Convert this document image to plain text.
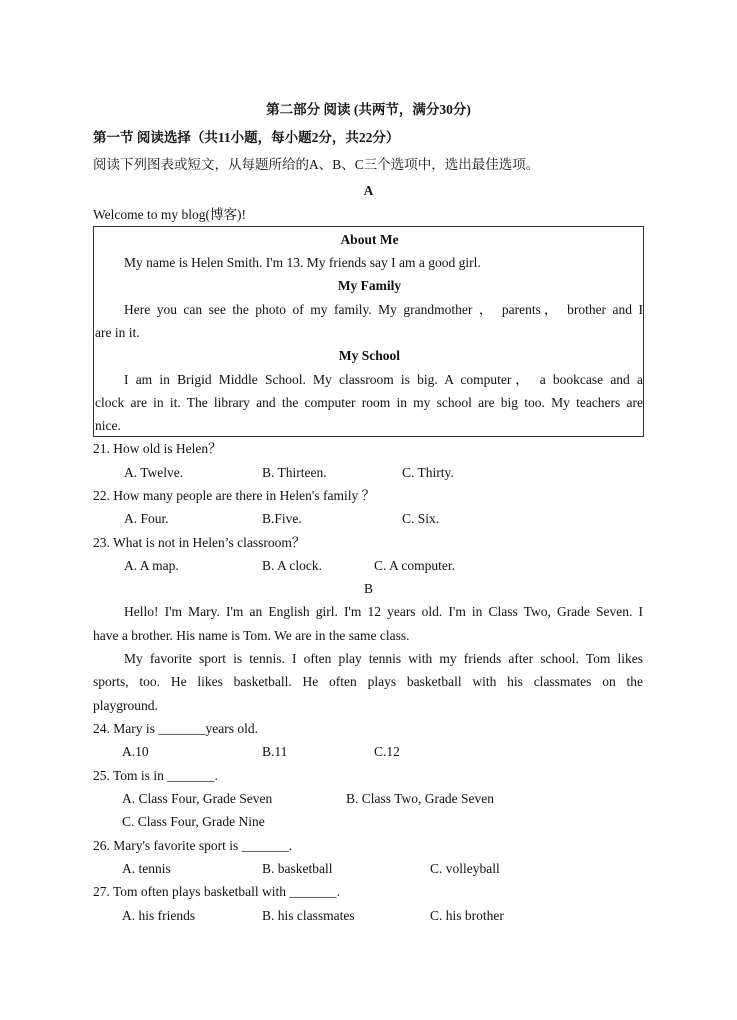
第二部分 阅读 (共两节，满分30分)
第一节 阅读选择（共11小题，每小题2分，共22分）
阅读下列图表或短文，从每题所给的A、B、C三个选项中，选出最佳选项。
A
Welcome to my blog(博客)!
About Me
My name is Helen Smith. I'm 13. My friends say I am a good girl.
My Family
Here you can see the photo of my family. My grandmother ， parents， brother and I
are in it.
My School
I am in Brigid Middle School. My classroom is big. A computer， a bookcase and a
clock are in it. The library and the computer room in my school are big too. My teachers are
nice.
21. How old is Helen？
A. Twelve.	B. Thirteen.	C. Thirty.
22. How many people are there in Helen's family ？
A. Four.	B.Five.	C. Six.
23. What is not in Helen’s classroom？
A. A map.	B. A clock.	C. A computer.
B
Hello! I'm Mary. I'm an English girl. I'm 12 years old. I'm in Class Two, Grade Seven. I
have a brother. His name is Tom. We are in the same class.
My favorite sport is tennis. I often play tennis with my friends after school. Tom likes
sports, too. He likes basketball. He often plays basketball with his classmates on the
playground.
24. Mary is _______years old.
A.10	B.11	C.12
25. Tom is in _______.
A. Class Four, Grade Seven	B. Class Two, Grade Seven
C. Class Four, Grade Nine
26. Mary's favorite sport is _______.
A. tennis	B. basketball	C. volleyball
27. Tom often plays basketball with _______.
A. his friends	B. his classmates	C. his brother
